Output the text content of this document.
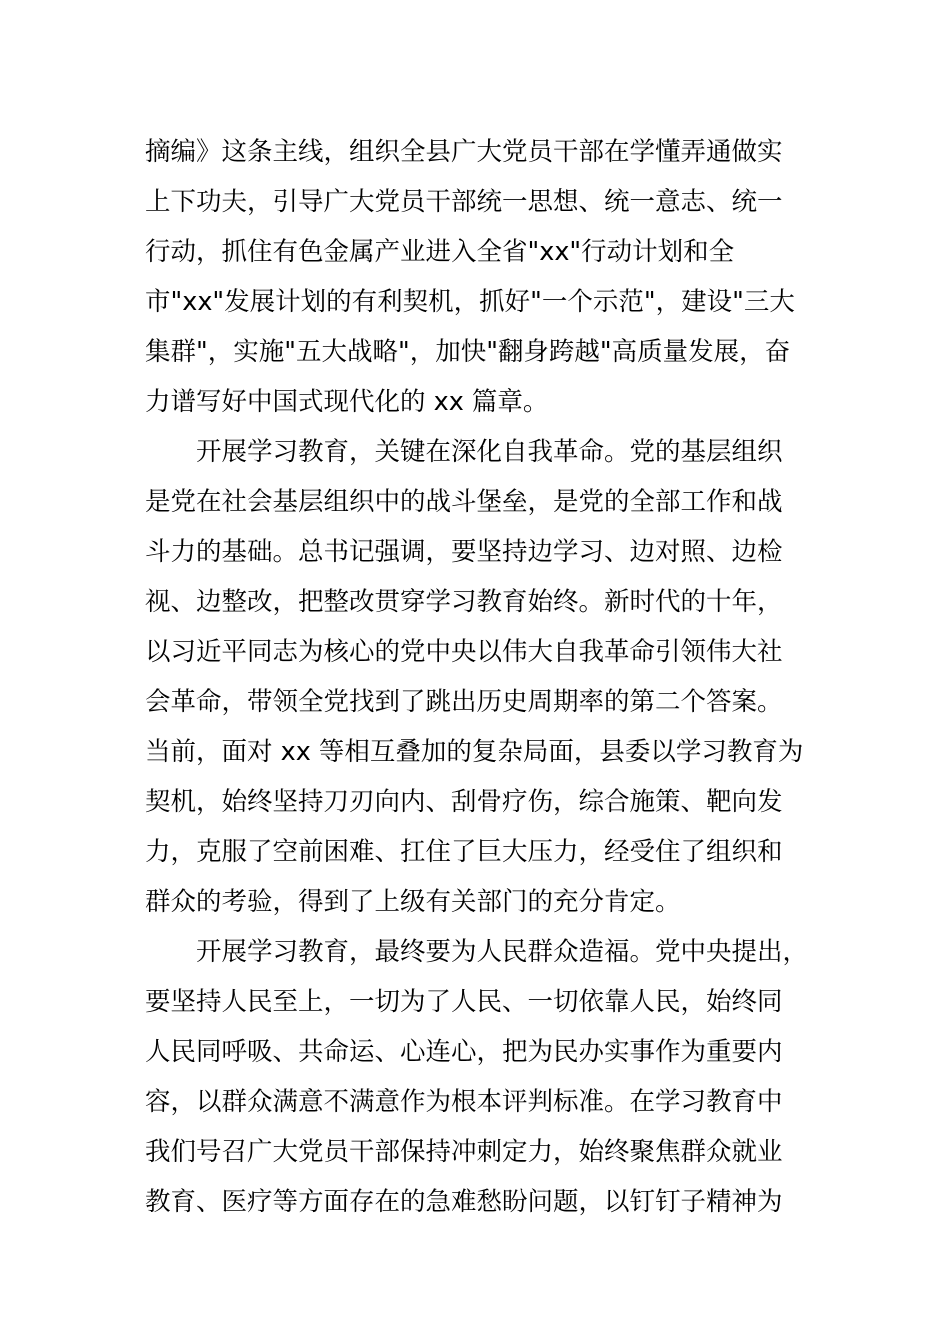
摘编》这条主线，组织全县广大党员干部在学懂弄通做实
上下功夫，引导广大党员干部统一思想、统一意志、统一
行动，抓住有色金属产业进入全省"xx"行动计划和全
市"xx"发展计划的有利契机，抓好"一个示范"，建设"三大
集群"，实施"五大战略"，加快"翻身跨越"高质量发展，奋
力谱写好中国式现代化的 xx 篇章。
开展学习教育，关键在深化自我革命。党的基层组织
是党在社会基层组织中的战斗堡垒，是党的全部工作和战
斗力的基础。总书记强调，要坚持边学习、边对照、边检
视、边整改，把整改贯穿学习教育始终。新时代的十年，
以习近平同志为核心的党中央以伟大自我革命引领伟大社
会革命，带领全党找到了跳出历史周期率的第二个答案。
当前，面对 xx 等相互叠加的复杂局面，县委以学习教育为
契机，始终坚持刀刃向内、刮骨疗伤，综合施策、靶向发
力，克服了空前困难、扛住了巨大压力，经受住了组织和
群众的考验，得到了上级有关部门的充分肯定。
开展学习教育，最终要为人民群众造福。党中央提出，
要坚持人民至上，一切为了人民、一切依靠人民，始终同
人民同呼吸、共命运、心连心，把为民办实事作为重要内
容，以群众满意不满意作为根本评判标准。在学习教育中
我们号召广大党员干部保持冲刺定力，始终聚焦群众就业
教育、医疗等方面存在的急难愁盼问题，以钉钉子精神为
